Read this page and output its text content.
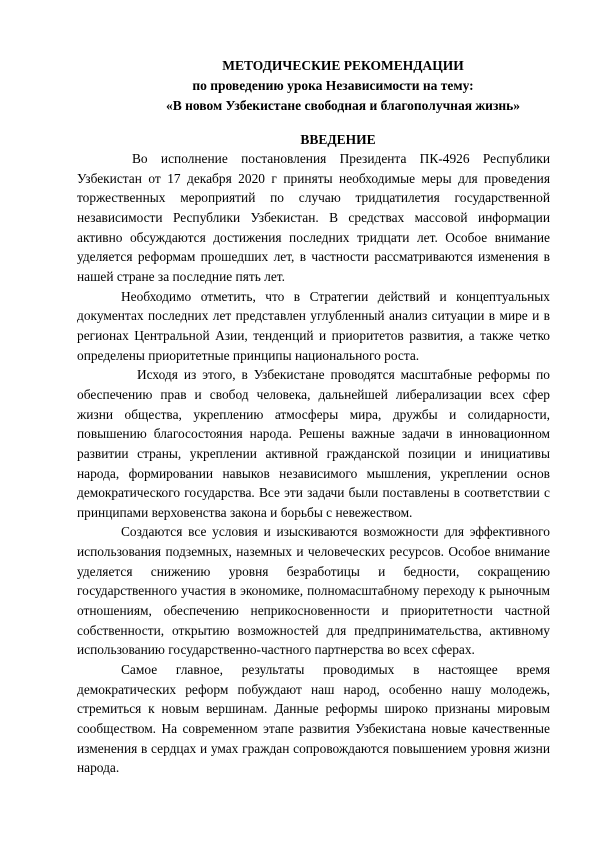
МЕТОДИЧЕСКИЕ РЕКОМЕНДАЦИИ
по проведению урока Независимости на тему:
«В новом Узбекистане свободная и благополучная жизнь»
ВВЕДЕНИЕ

Во исполнение постановления Президента ПК-4926 Республики Узбекистан от 17 декабря 2020 г приняты необходимые меры для проведения торжественных мероприятий по случаю тридцатилетия государственной независимости Республики Узбекистан. В средствах массовой информации активно обсуждаются достижения последних тридцати лет. Особое внимание уделяется реформам прошедших лет, в частности рассматриваются изменения в нашей стране за последние пять лет.

Необходимо отметить, что в Стратегии действий и концептуальных документах последних лет представлен углубленный анализ ситуации в мире и в регионах Центральной Азии, тенденций и приоритетов развития, а также четко определены приоритетные принципы национального роста.

Исходя из этого, в Узбекистане проводятся масштабные реформы по обеспечению прав и свобод человека, дальнейшей либерализации всех сфер жизни общества, укреплению атмосферы мира, дружбы и солидарности, повышению благосостояния народа. Решены важные задачи в инновационном развитии страны, укреплении активной гражданской позиции и инициативы народа, формировании навыков независимого мышления, укреплении основ демократического государства. Все эти задачи были поставлены в соответствии с принципами верховенства закона и борьбы с невежеством.

Создаются все условия и изыскиваются возможности для эффективного использования подземных, наземных и человеческих ресурсов. Особое внимание уделяется снижению уровня безработицы и бедности, сокращению государственного участия в экономике, полномасштабному переходу к рыночным отношениям, обеспечению неприкосновенности и приоритетности частной собственности, открытию возможностей для предпринимательства, активному использованию государственно-частного партнерства во всех сферах.

Самое главное, результаты проводимых в настоящее время демократических реформ побуждают наш народ, особенно нашу молодежь, стремиться к новым вершинам. Данные реформы широко признаны мировым сообществом. На современном этапе развития Узбекистана новые качественные изменения в сердцах и умах граждан сопровождаются повышением уровня жизни народа.
